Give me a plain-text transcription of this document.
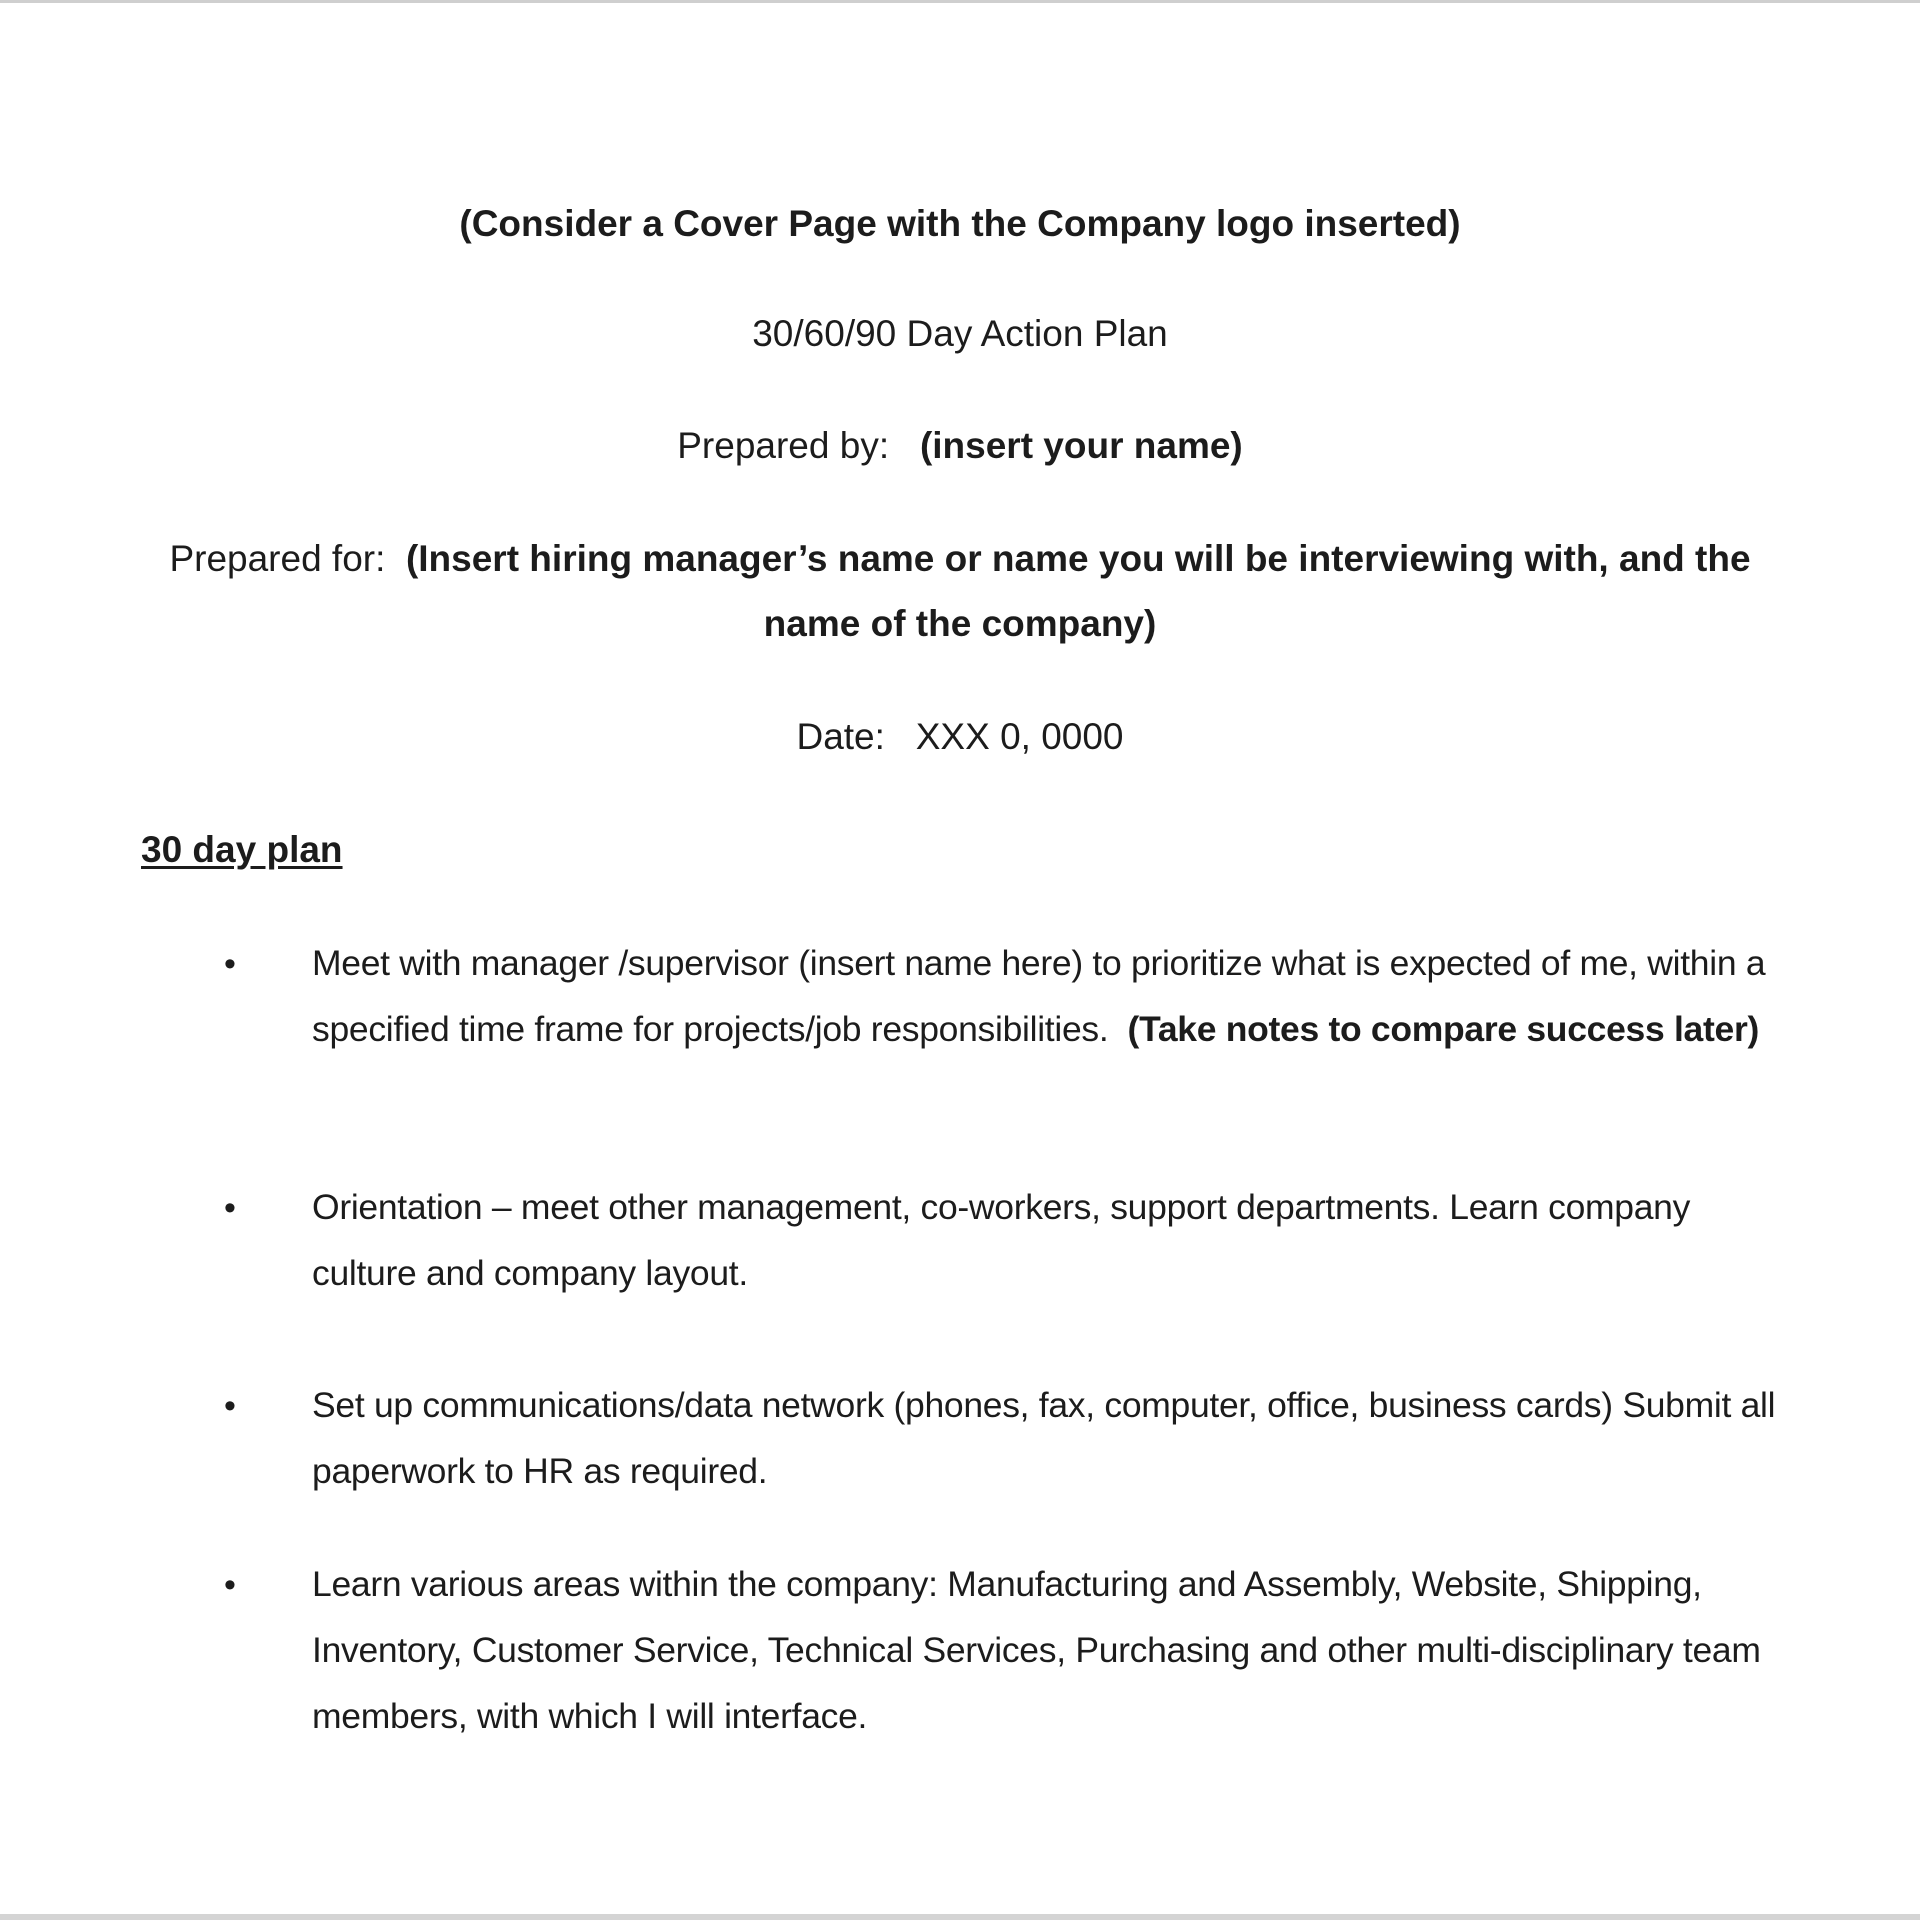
(Consider a Cover Page with the Company logo inserted)
30/60/90 Day Action Plan
Prepared by: (insert your name)
Prepared for: (Insert hiring manager’s name or name you will be interviewing with, and the
name of the company)
Date: XXX 0, 0000
30 day plan
• Meet with manager /supervisor (insert name here) to prioritize what is expected of me, within a specified time frame for projects/job responsibilities. (Take notes to compare success later)
• Orientation – meet other management, co-workers, support departments. Learn company culture and company layout.
• Set up communications/data network (phones, fax, computer, office, business cards) Submit all paperwork to HR as required.
• Learn various areas within the company: Manufacturing and Assembly, Website, Shipping, Inventory, Customer Service, Technical Services, Purchasing and other multi-disciplinary team members, with which I will interface.
